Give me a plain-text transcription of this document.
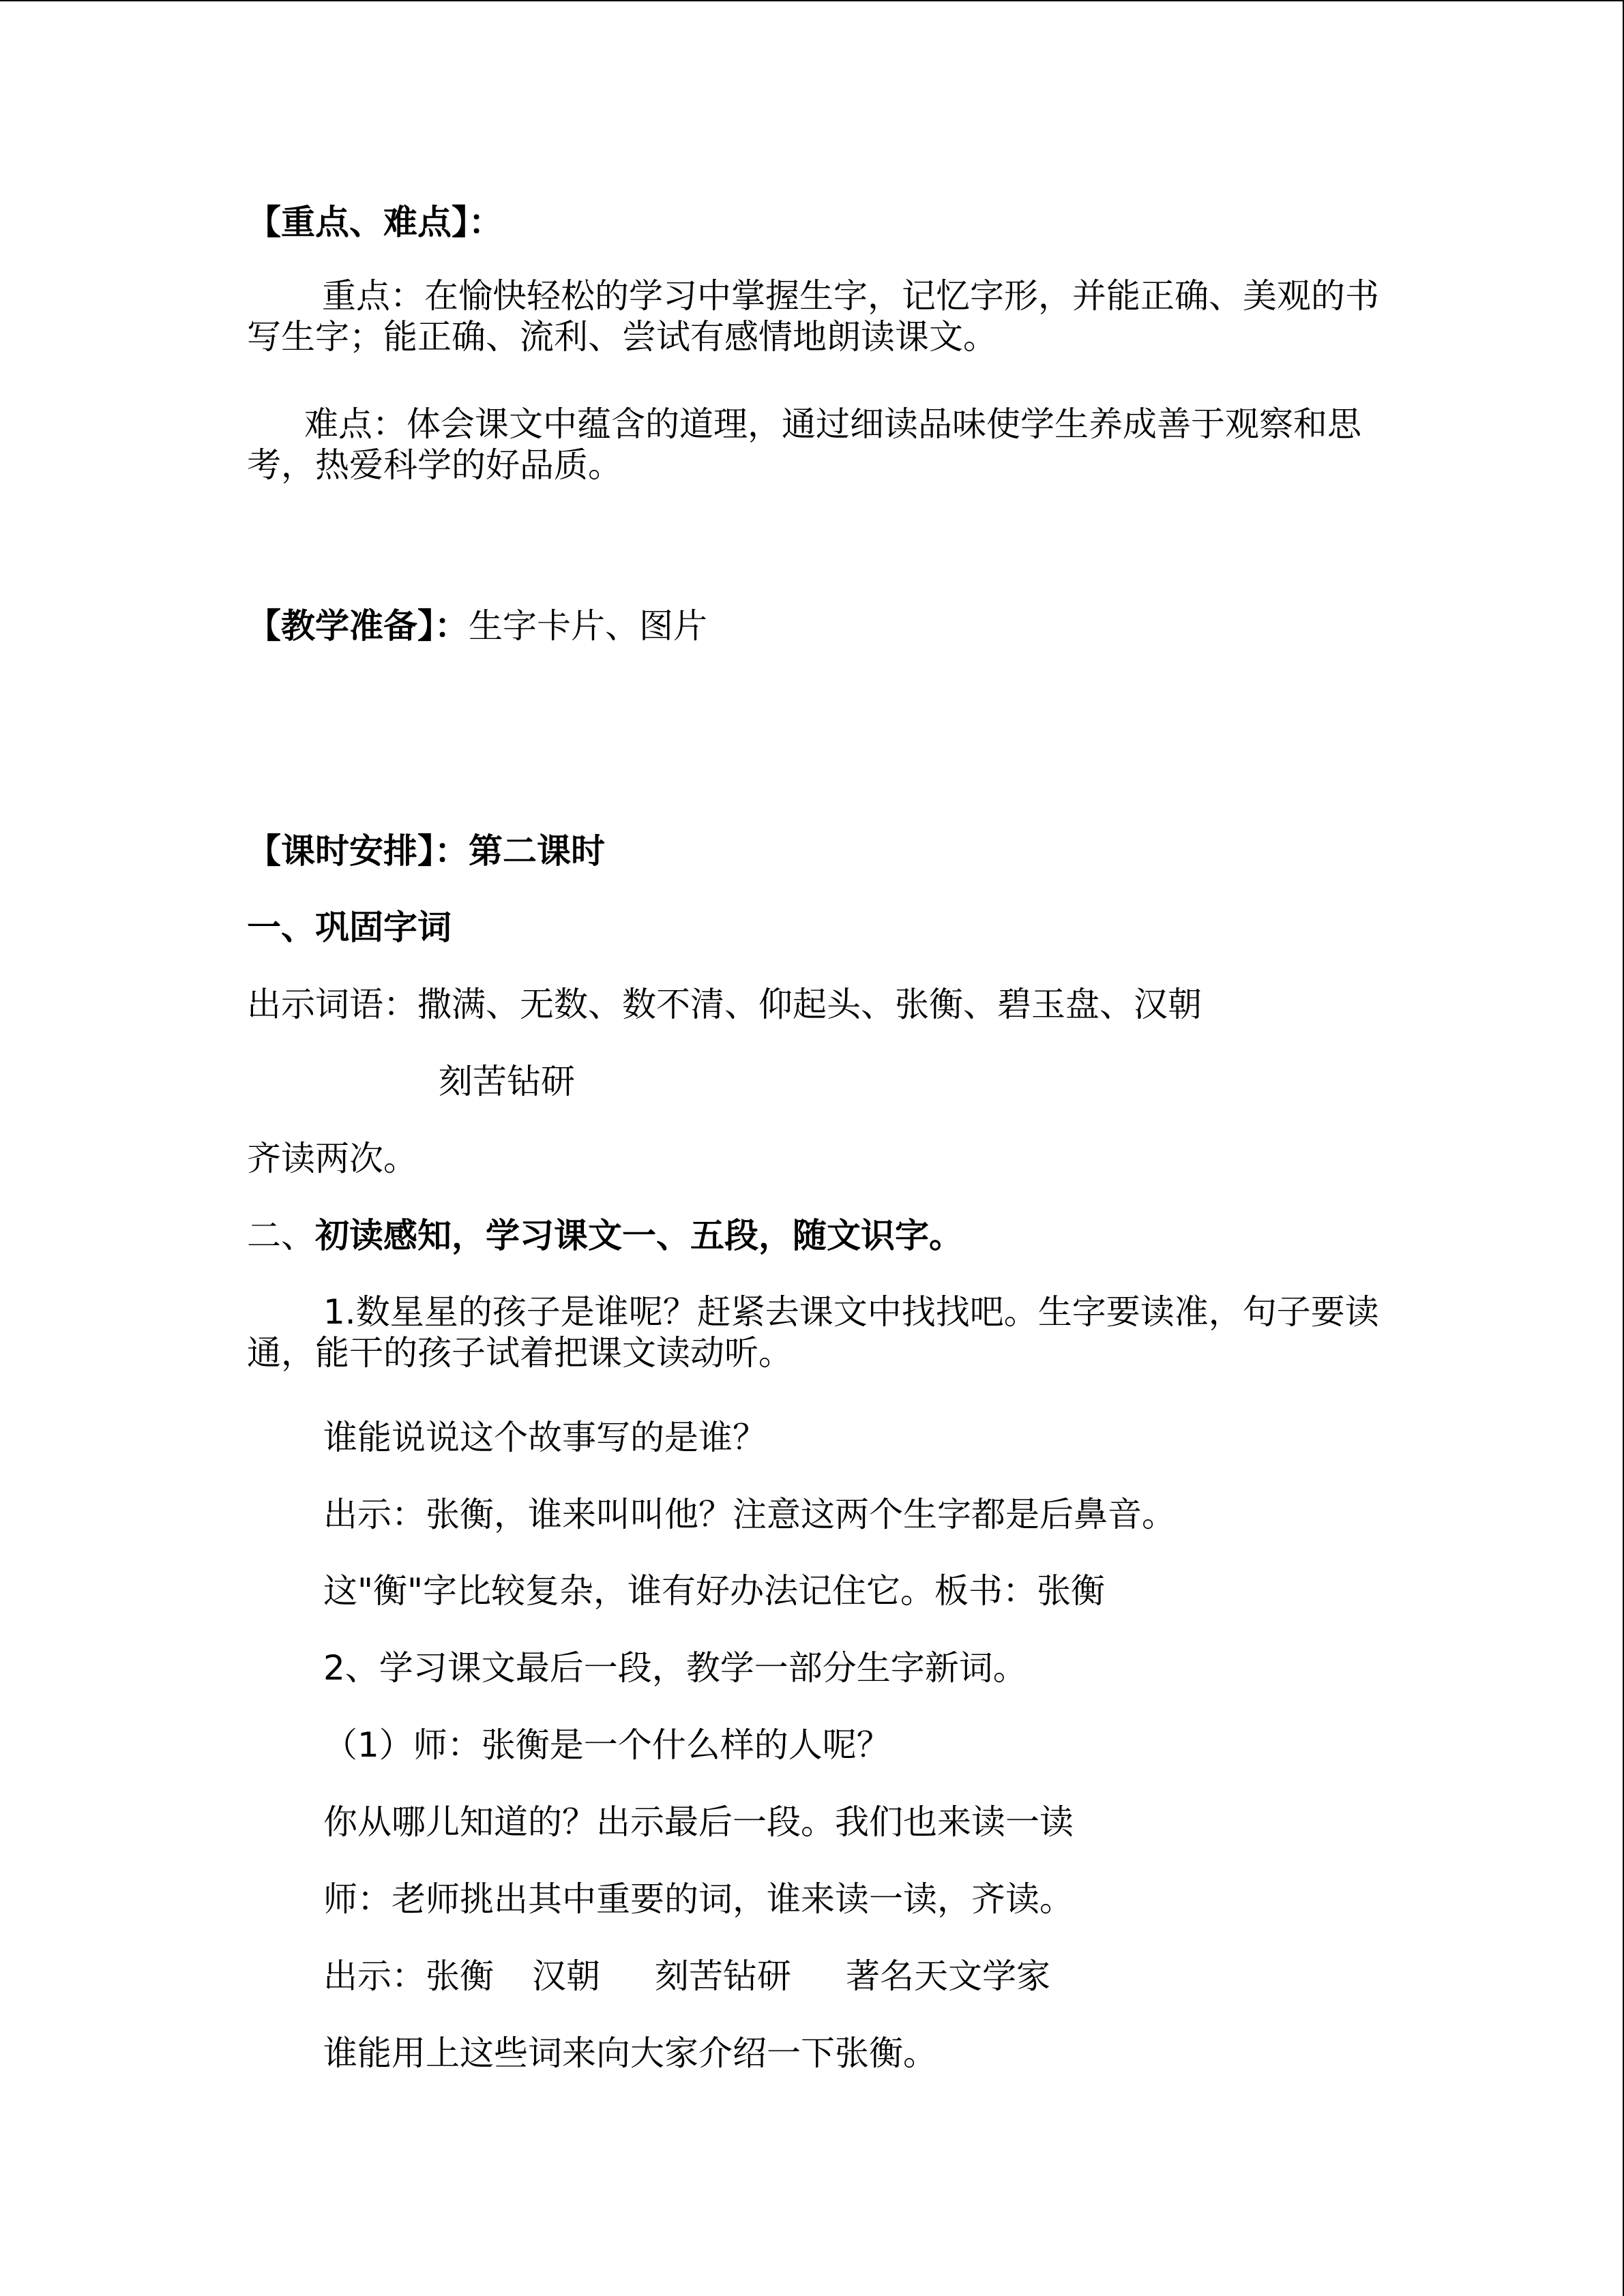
【重点、难点】：

重点：在愉快轻松的学习中掌握生字，记忆字形，并能正确、美观的书写生字；能正确、流利、尝试有感情地朗读课文。

难点：体会课文中蕴含的道理，通过细读品味使学生养成善于观察和思考，热爱科学的好品质。

【教学准备】：生字卡片、图片

【课时安排】：第二课时

一、巩固字词

出示词语：撒满、无数、数不清、仰起头、张衡、碧玉盘、汉朝

刻苦钻研

齐读两次。

二、初读感知，学习课文一、五段，随文识字。

1.数星星的孩子是谁呢？赶紧去课文中找找吧。生字要读准，句子要读通，能干的孩子试着把课文读动听。

谁能说说这个故事写的是谁？

出示：张衡，谁来叫叫他？注意这两个生字都是后鼻音。

这"衡"字比较复杂，谁有好办法记住它。板书：张衡

2、学习课文最后一段，教学一部分生字新词。

（1）师：张衡是一个什么样的人呢？

你从哪儿知道的？出示最后一段。我们也来读一读

师：老师挑出其中重要的词，谁来读一读，齐读。

出示：张衡 汉朝 刻苦钻研 著名天文学家

谁能用上这些词来向大家介绍一下张衡。
